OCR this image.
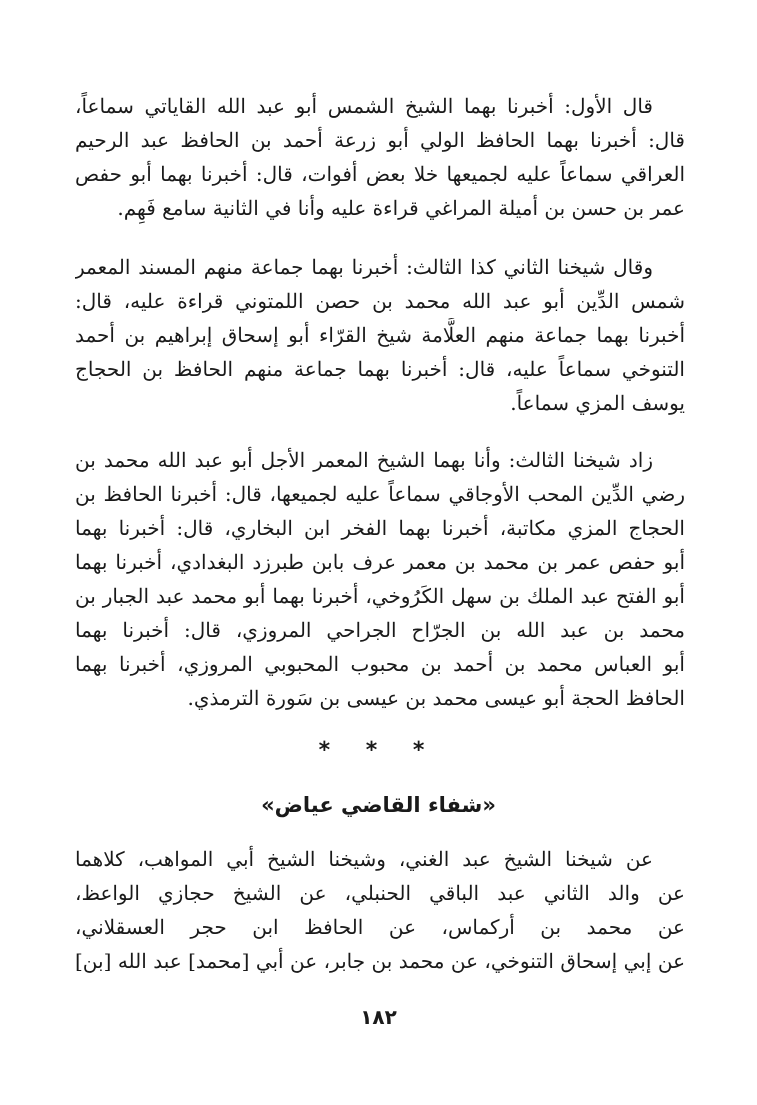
قال الأول: أخبرنا بهما الشيخ الشمس أبو عبد الله القاياتي سماعاً،
قال: أخبرنا بهما الحافظ الولي أبو زرعة أحمد بن الحافظ عبد الرحيم
العراقي سماعاً عليه لجميعها خلا بعض أفوات، قال: أخبرنا بهما أبو حفص
عمر بن حسن بن أميلة المراغي قراءة عليه وأنا في الثانية سامع فَهِم.
وقال شيخنا الثاني كذا الثالث: أخبرنا بهما جماعة منهم المسند المعمر
شمس الدِّين أبو عبد الله محمد بن حصن اللمتوني قراءة عليه، قال:
أخبرنا بهما جماعة منهم العلَّامة شيخ القرّاء أبو إسحاق إبراهيم بن أحمد
التنوخي سماعاً عليه، قال: أخبرنا بهما جماعة منهم الحافظ بن الحجاج
يوسف المزي سماعاً.
زاد شيخنا الثالث: وأنا بهما الشيخ المعمر الأجل أبو عبد الله محمد بن
رضي الدِّين المحب الأوجاقي سماعاً عليه لجميعها، قال: أخبرنا الحافظ بن
الحجاج المزي مكاتبة، أخبرنا بهما الفخر ابن البخاري، قال: أخبرنا بهما
أبو حفص عمر بن محمد بن معمر عرف بابن طبرزد البغدادي، أخبرنا بهما
أبو الفتح عبد الملك بن سهل الكَرُوخي، أخبرنا بهما أبو محمد عبد الجبار بن
محمد بن عبد الله بن الجرّاح الجراحي المروزي، قال: أخبرنا بهما
أبو العباس محمد بن أحمد بن محبوب المحبوبي المروزي، أخبرنا بهما
الحافظ الحجة أبو عيسى محمد بن عيسى بن سَورة الترمذي.
* * *
«شفاء القاضي عياض»
عن شيخنا الشيخ عبد الغني، وشيخنا الشيخ أبي المواهب، كلاهما
عن والد الثاني عبد الباقي الحنبلي، عن الشيخ حجازي الواعظ،
عن محمد بن أركماس، عن الحافظ ابن حجر العسقلاني،
عن إبي إسحاق التنوخي، عن محمد بن جابر، عن أبي [محمد] عبد الله [بن]
١٨٢
